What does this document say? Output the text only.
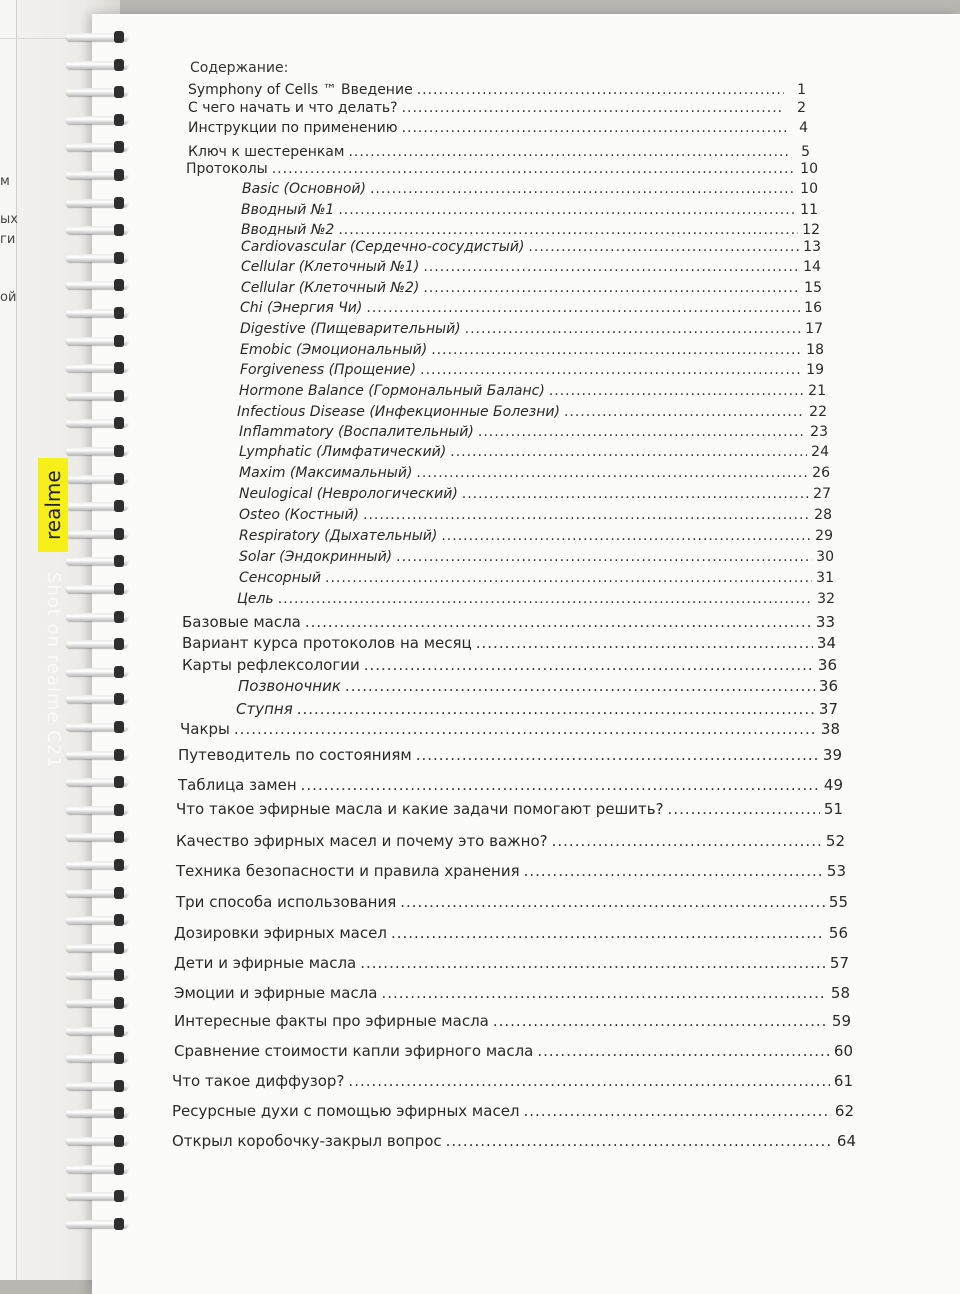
м
ых
ги
ой
realme
Shot on realme C21
Содержание:
Symphony of Cells ™ Введение .....	1
С чего начать и что делать? .....	2
Инструкции по применению .....	4
Ключ к шестеренкам .....	5
Протоколы .....	10
Basic (Основной) .....	10
Вводный №1 .....	11
Вводный №2 .....	12
Cardiovascular (Сердечно-сосудистый) .....	13
Cellular (Клеточный №1) .....	14
Cellular (Клеточный №2) .....	15
Chi (Энергия Чи) .....	16
Digestive (Пищеварительный) .....	17
Emobic (Эмоциональный) .....	18
Forgiveness (Прощение) .....	19
Hormone Balance (Гормональный Баланс) .....	21
Infectious Disease (Инфекционные Болезни) .....	22
Inflammatory (Воспалительный) .....	23
Lymphatic (Лимфатический) .....	24
Maxim (Максимальный) .....	26
Neulogical (Неврологический) .....	27
Osteo (Костный) .....	28
Respiratory (Дыхательный) .....	29
Solar (Эндокринный) .....	30
Сенсорный .....	31
Цель .....	32
Базовые масла .....	33
Вариант курса протоколов на месяц .....	34
Карты рефлексологии .....	36
Позвоночник .....	36
Ступня .....	37
Чакры .....	38
Путеводитель по состояниям .....	39
Таблица замен .....	49
Что такое эфирные масла и какие задачи помогают решить? .....	51
Качество эфирных масел и почему это важно? .....	52
Техника безопасности и правила хранения .....	53
Три способа использования .....	55
Дозировки эфирных масел .....	56
Дети и эфирные масла .....	57
Эмоции и эфирные масла .....	58
Интересные факты про эфирные масла .....	59
Сравнение стоимости капли эфирного масла .....	60
Что такое диффузор? .....	61
Ресурсные духи с помощью эфирных масел .....	62
Открыл коробочку-закрыл вопрос .....	64
